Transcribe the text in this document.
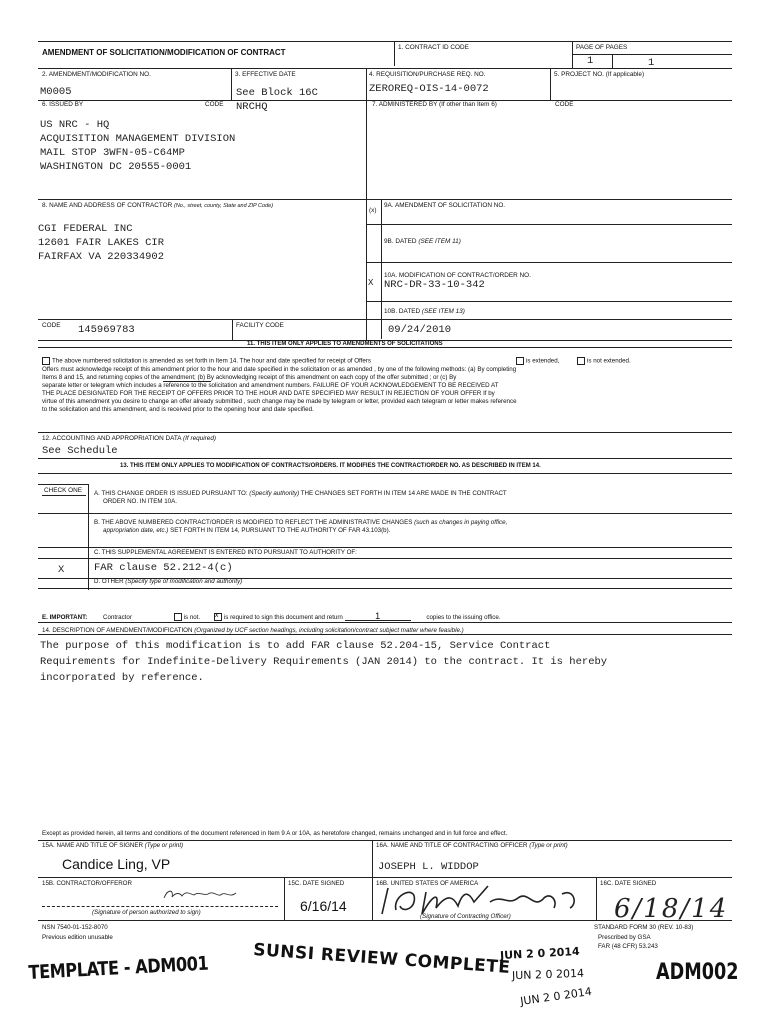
AMENDMENT OF SOLICITATION/MODIFICATION OF CONTRACT
1. CONTRACT ID CODE	PAGE OF PAGES
1	1
2. AMENDMENT/MODIFICATION NO.
M0005
3. EFFECTIVE DATE
See Block 16C
4. REQUISITION/PURCHASE REQ. NO.
ZEROREQ-OIS-14-0072
5. PROJECT NO. (If applicable)
6. ISSUED BY	CODE NRCHQ	7. ADMINISTERED BY (If other than Item 6)	CODE
US NRC - HQ
ACQUISITION MANAGEMENT DIVISION
MAIL STOP 3WFN-05-C64MP
WASHINGTON DC 20555-0001
8. NAME AND ADDRESS OF CONTRACTOR (No., street, county, State and ZIP Code)
(x)
CGI FEDERAL INC
12601 FAIR LAKES CIR
FAIRFAX VA 220334902
9A. AMENDMENT OF SOLICITATION NO.
9B. DATED (SEE ITEM 11)
10A. MODIFICATION OF CONTRACT/ORDER NO.
X NRC-DR-33-10-342
10B. DATED (SEE ITEM 13)
09/24/2010
CODE 145969783	FACILITY CODE
11. THIS ITEM ONLY APPLIES TO AMENDMENTS OF SOLICITATIONS
The above numbered solicitation is amended as set forth in Item 14. The hour and date specified for receipt of Offers
Offers must acknowledge receipt of this amendment prior to the hour and date specified in the solicitation or as amended , by one of the following methods: (a) By completing
Items 8 and 15, and returning copies of the amendment; (b) By acknowledging receipt of this amendment on each copy of the offer submitted ; or (c) By
separate letter or telegram which includes a reference to the solicitation and amendment numbers. FAILURE OF YOUR ACKNOWLEDGEMENT TO BE RECEIVED AT
THE PLACE DESIGNATED FOR THE RECEIPT OF OFFERS PRIOR TO THE HOUR AND DATE SPECIFIED MAY RESULT IN REJECTION OF YOUR OFFER If by
virtue of this amendment you desire to change an offer already submitted , such change may be made by telegram or letter, provided each telegram or letter makes reference
to the solicitation and this amendment, and is received prior to the opening hour and date specified.
is extended,	is not extended.
12. ACCOUNTING AND APPROPRIATION DATA (If required)
See Schedule
13. THIS ITEM ONLY APPLIES TO MODIFICATION OF CONTRACTS/ORDERS. IT MODIFIES THE CONTRACT/ORDER NO. AS DESCRIBED IN ITEM 14.
CHECK ONE A. THIS CHANGE ORDER IS ISSUED PURSUANT TO: (Specify authority) THE CHANGES SET FORTH IN ITEM 14 ARE MADE IN THE CONTRACT
ORDER NO. IN ITEM 10A.
B. THE ABOVE NUMBERED CONTRACT/ORDER IS MODIFIED TO REFLECT THE ADMINISTRATIVE CHANGES (such as changes in paying office,
appropriation date, etc.) SET FORTH IN ITEM 14, PURSUANT TO THE AUTHORITY OF FAR 43.103(b).
C. THIS SUPPLEMENTAL AGREEMENT IS ENTERED INTO PURSUANT TO AUTHORITY OF:
X	FAR clause 52.212-4(c)
D. OTHER (Specify type of modification and authority)
E. IMPORTANT:	Contractor	is not. x is required to sign this document and return	1	copies to the issuing office.
14. DESCRIPTION OF AMENDMENT/MODIFICATION (Organized by UCF section headings, including solicitation/contract subject matter where feasible.)
The purpose of this modification is to add FAR clause 52.204-15, Service Contract
Requirements for Indefinite-Delivery Requirements (JAN 2014) to the contract. It is hereby
incorporated by reference.
Except as provided herein, all terms and conditions of the document referenced in Item 9 A or 10A, as heretofore changed, remains unchanged and in full force and effect.
15A. NAME AND TITLE OF SIGNER (Type or print)
Candice Ling, VP
16A. NAME AND TITLE OF CONTRACTING OFFICER (Type or print)
JOSEPH L. WIDDOP
15B. CONTRACTOR/OFFEROR
(Signature of person authorized to sign)
15C. DATE SIGNED
6/16/14
16B. UNITED STATES OF AMERICA
(Signature of Contracting Officer)
16C. DATE SIGNED
6/18/14
NSN 7540-01-152-8070
Previous edition unusable
STANDARD FORM 30 (REV. 10-83)
Prescribed by GSA
FAR (48 CFR) 53.243
SUNSI REVIEW COMPLETE
JUN 2 0 2014
JUN 2 0 2014
JUN 2 0 2014
TEMPLATE - ADM001	ADM002
